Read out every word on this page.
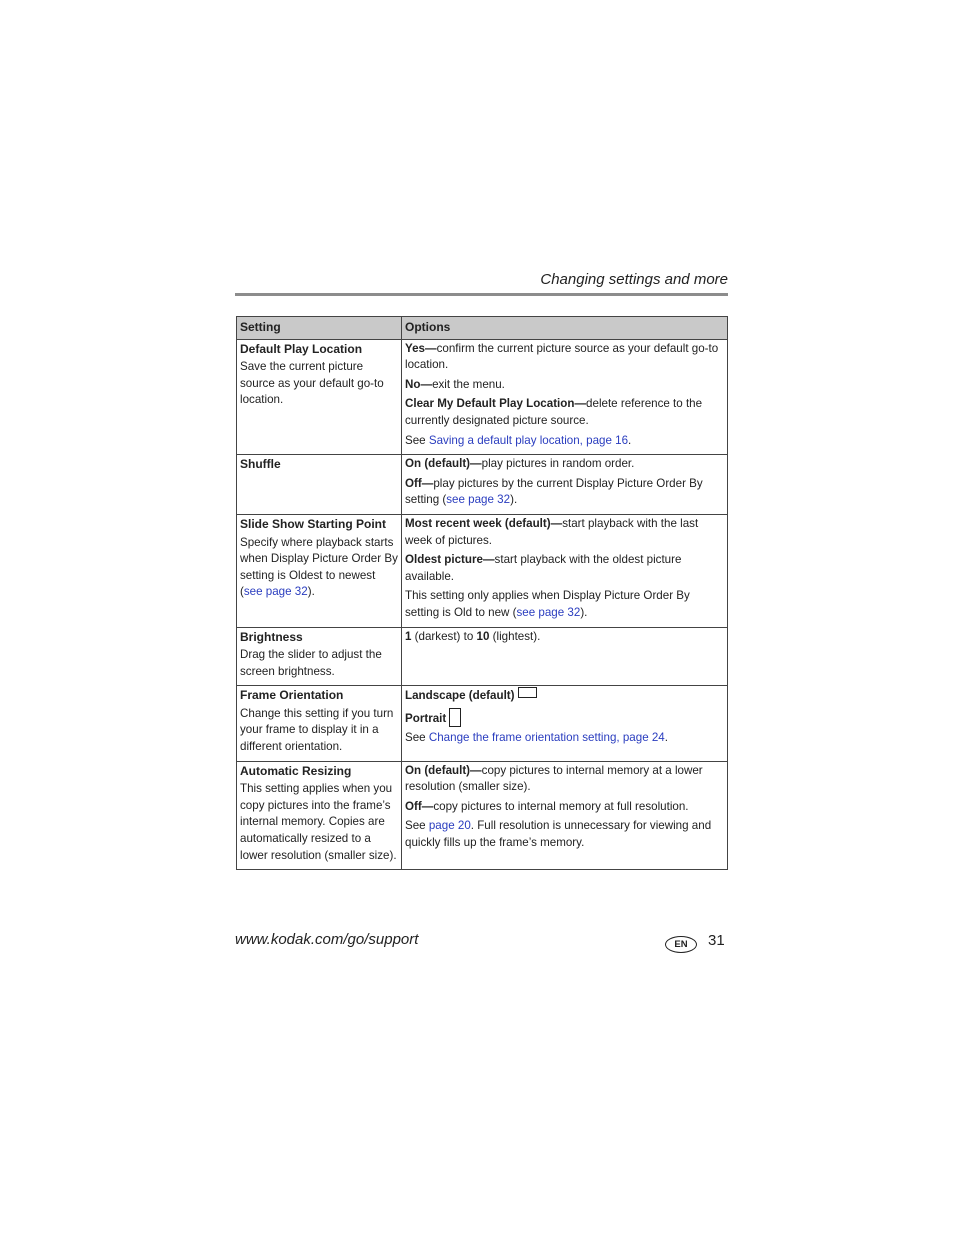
Changing settings and more
Setting	Options

Default Play Location
Save the current picture source as your default go-to location.	Yes—confirm the current picture source as your default go-to location.
No—exit the menu.
Clear My Default Play Location—delete reference to the currently designated picture source.
See Saving a default play location, page 16.

Shuffle	On (default)—play pictures in random order.
Off—play pictures by the current Display Picture Order By setting (see page 32).

Slide Show Starting Point
Specify where playback starts when Display Picture Order By setting is Oldest to newest (see page 32).	Most recent week (default)—start playback with the last week of pictures.
Oldest picture—start playback with the oldest picture available.
This setting only applies when Display Picture Order By setting is Old to new (see page 32).

Brightness
Drag the slider to adjust the screen brightness.	1 (darkest) to 10 (lightest).

Frame Orientation
Change this setting if you turn your frame to display it in a different orientation.	Landscape (default)
Portrait
See Change the frame orientation setting, page 24.

Automatic Resizing
This setting applies when you copy pictures into the frame’s internal memory. Copies are automatically resized to a lower resolution (smaller size).	On (default)—copy pictures to internal memory at a lower resolution (smaller size).
Off—copy pictures to internal memory at full resolution.
See page 20. Full resolution is unnecessary for viewing and quickly fills up the frame’s memory.
www.kodak.com/go/support	EN	31
